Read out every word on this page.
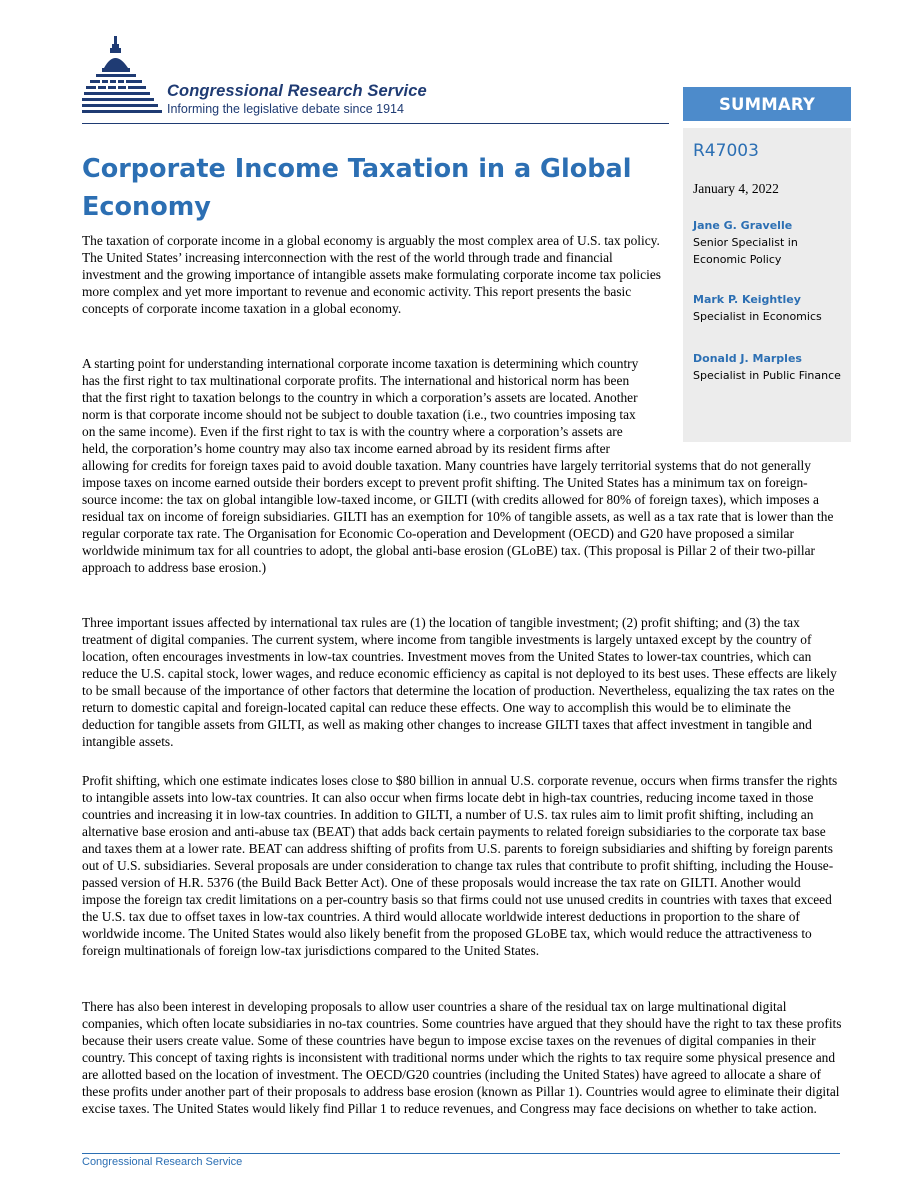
Congressional Research Service
Informing the legislative debate since 1914	SUMMARY
R47003
January 4, 2022
Jane G. Gravelle
Senior Specialist in
Economic Policy
Mark P. Keightley
Specialist in Economics
Donald J. Marples
Specialist in Public Finance
Corporate Income Taxation in a Global Economy

The taxation of corporate income in a global economy is arguably the most complex area of U.S. tax policy. The United States’ increasing interconnection with the rest of the world through trade and financial investment and the growing importance of intangible assets make formulating corporate income tax policies more complex and yet more important to revenue and economic activity. This report presents the basic concepts of corporate income taxation in a global economy.

A starting point for understanding international corporate income taxation is determining which country has the first right to tax multinational corporate profits. The international and historical norm has been that the first right to taxation belongs to the country in which a corporation’s assets are located. Another norm is that corporate income should not be subject to double taxation (i.e., two countries imposing tax on the same income). Even if the first right to tax is with the country where a corporation’s assets are held, the corporation’s home country may also tax income earned abroad by its resident firms after allowing for credits for foreign taxes paid to avoid double taxation. Many countries have largely territorial systems that do not generally impose taxes on income earned outside their borders except to prevent profit shifting. The United States has a minimum tax on foreign-source income: the tax on global intangible low-taxed income, or GILTI (with credits allowed for 80% of foreign taxes), which imposes a residual tax on income of foreign subsidiaries. GILTI has an exemption for 10% of tangible assets, as well as a tax rate that is lower than the regular corporate tax rate. The Organisation for Economic Co-operation and Development (OECD) and G20 have proposed a similar worldwide minimum tax for all countries to adopt, the global anti-base erosion (GLoBE) tax. (This proposal is Pillar 2 of their two-pillar approach to address base erosion.)

Three important issues affected by international tax rules are (1) the location of tangible investment; (2) profit shifting; and (3) the tax treatment of digital companies. The current system, where income from tangible investments is largely untaxed except by the country of location, often encourages investments in low-tax countries. Investment moves from the United States to lower-tax countries, which can reduce the U.S. capital stock, lower wages, and reduce economic efficiency as capital is not deployed to its best uses. These effects are likely to be small because of the importance of other factors that determine the location of production. Nevertheless, equalizing the tax rates on the return to domestic capital and foreign-located capital can reduce these effects. One way to accomplish this would be to eliminate the deduction for tangible assets from GILTI, as well as making other changes to increase GILTI taxes that affect investment in tangible and intangible assets.

Profit shifting, which one estimate indicates loses close to $80 billion in annual U.S. corporate revenue, occurs when firms transfer the rights to intangible assets into low-tax countries. It can also occur when firms locate debt in high-tax countries, reducing income taxed in those countries and increasing it in low-tax countries. In addition to GILTI, a number of U.S. tax rules aim to limit profit shifting, including an alternative base erosion and anti-abuse tax (BEAT) that adds back certain payments to related foreign subsidiaries to the corporate tax base and taxes them at a lower rate. BEAT can address shifting of profits from U.S. parents to foreign subsidiaries and shifting by foreign parents out of U.S. subsidiaries. Several proposals are under consideration to change tax rules that contribute to profit shifting, including the House-passed version of H.R. 5376 (the Build Back Better Act). One of these proposals would increase the tax rate on GILTI. Another would impose the foreign tax credit limitations on a per-country basis so that firms could not use unused credits in countries with taxes that exceed the U.S. tax due to offset taxes in low-tax countries. A third would allocate worldwide interest deductions in proportion to the share of worldwide income. The United States would also likely benefit from the proposed GLoBE tax, which would reduce the attractiveness to foreign multinationals of foreign low-tax jurisdictions compared to the United States.

There has also been interest in developing proposals to allow user countries a share of the residual tax on large multinational digital companies, which often locate subsidiaries in no-tax countries. Some countries have argued that they should have the right to tax these profits because their users create value. Some of these countries have begun to impose excise taxes on the revenues of digital companies in their country. This concept of taxing rights is inconsistent with traditional norms under which the rights to tax require some physical presence and are allotted based on the location of investment. The OECD/G20 countries (including the United States) have agreed to allocate a share of these profits under another part of their proposals to address base erosion (known as Pillar 1). Countries would agree to eliminate their digital excise taxes. The United States would likely find Pillar 1 to reduce revenues, and Congress may face decisions on whether to take action.

Congressional Research Service
